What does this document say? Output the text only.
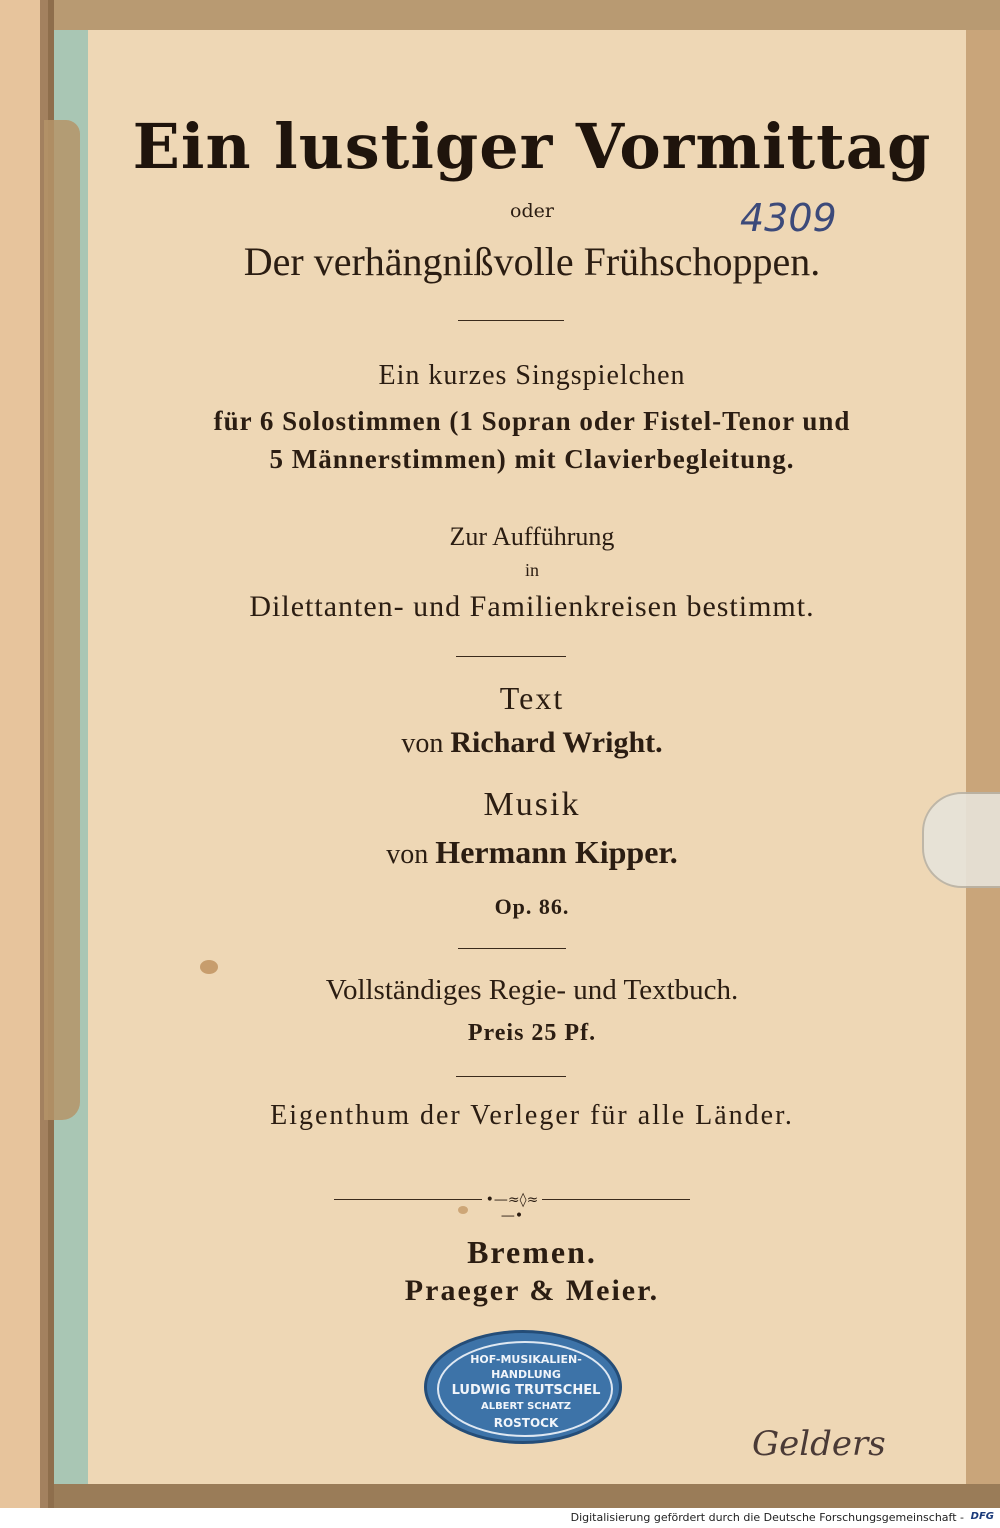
Ein lustiger Vormittag
oder
Der verhängnißvolle Frühschoppen.
Ein kurzes Singspielchen
für 6 Solostimmen (1 Sopran oder Fistel-Tenor und
5 Männerstimmen) mit Clavierbegleitung.
Zur Aufführung
in
Dilettanten- und Familienkreisen bestimmt.
Text
von Richard Wright.
Musik
von Hermann Kipper.
Op. 86.
Vollständiges Regie- und Textbuch.
Preis 25 Pf.
Eigenthum der Verleger für alle Länder.
•—≈◊≈—•
Bremen.
Praeger & Meier.
4309
HOF-MUSIKALIEN-
HANDLUNG
LUDWIG TRUTSCHEL
ALBERT SCHATZ
ROSTOCK
Gelders
Digitalisierung gefördert durch die Deutsche Forschungsgemeinschaft - DFG
